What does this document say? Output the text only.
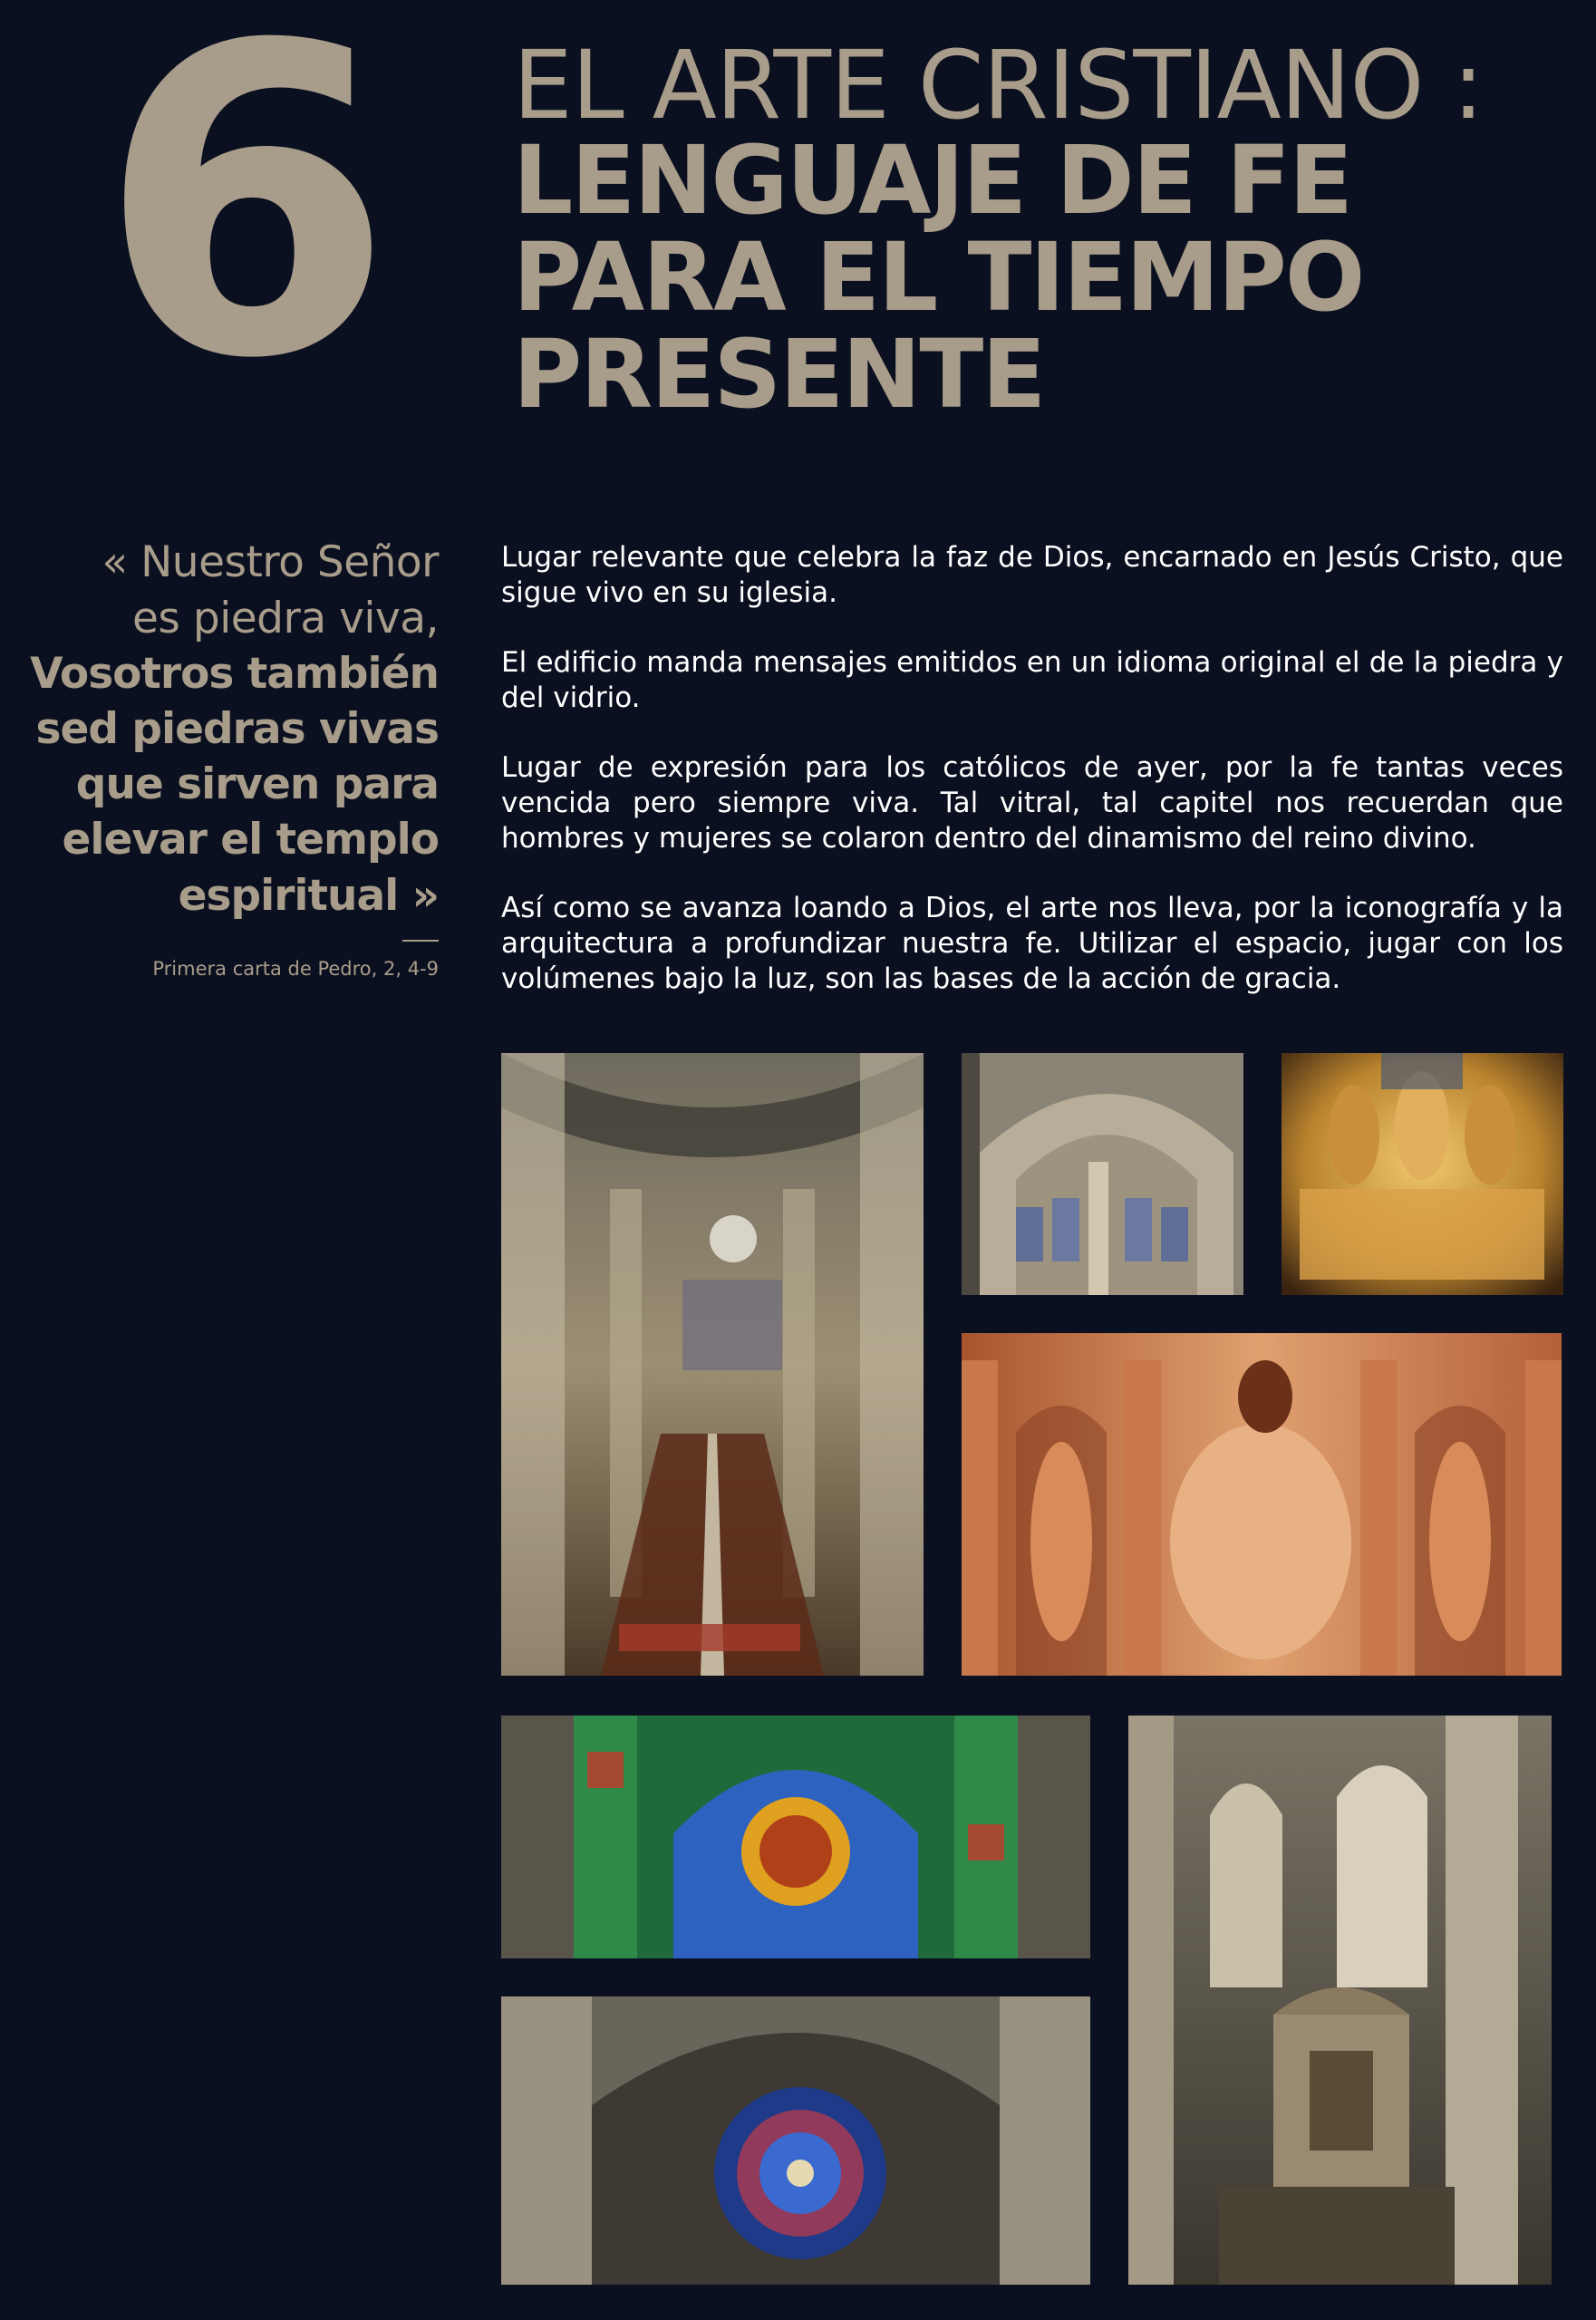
6 EL ARTE CRISTIANO :
LENGUAJE DE FE
PARA EL TIEMPO
PRESENTE
« Nuestro Señor
es piedra viva,
Vosotros también
sed piedras vivas
que sirven para
elevar el templo
espiritual »
Primera carta de Pedro, 2, 4-9

Lugar relevante que celebra la faz de Dios, encarnado en Jesús Cristo, que sigue vivo en su iglesia.

El edificio manda mensajes emitidos en un idioma original el de la piedra y del vidrio.

Lugar de expresión para los católicos de ayer, por la fe tantas veces vencida pero siempre viva. Tal vitral, tal capitel nos recuerdan que hombres y mujeres se colaron dentro del dinamismo del reino divino.

Así como se avanza loando a Dios, el arte nos lleva, por la iconografía y la arquitectura a profundizar nuestra fe. Utilizar el espacio, jugar con los volúmenes bajo la luz, son las bases de la acción de gracia.
